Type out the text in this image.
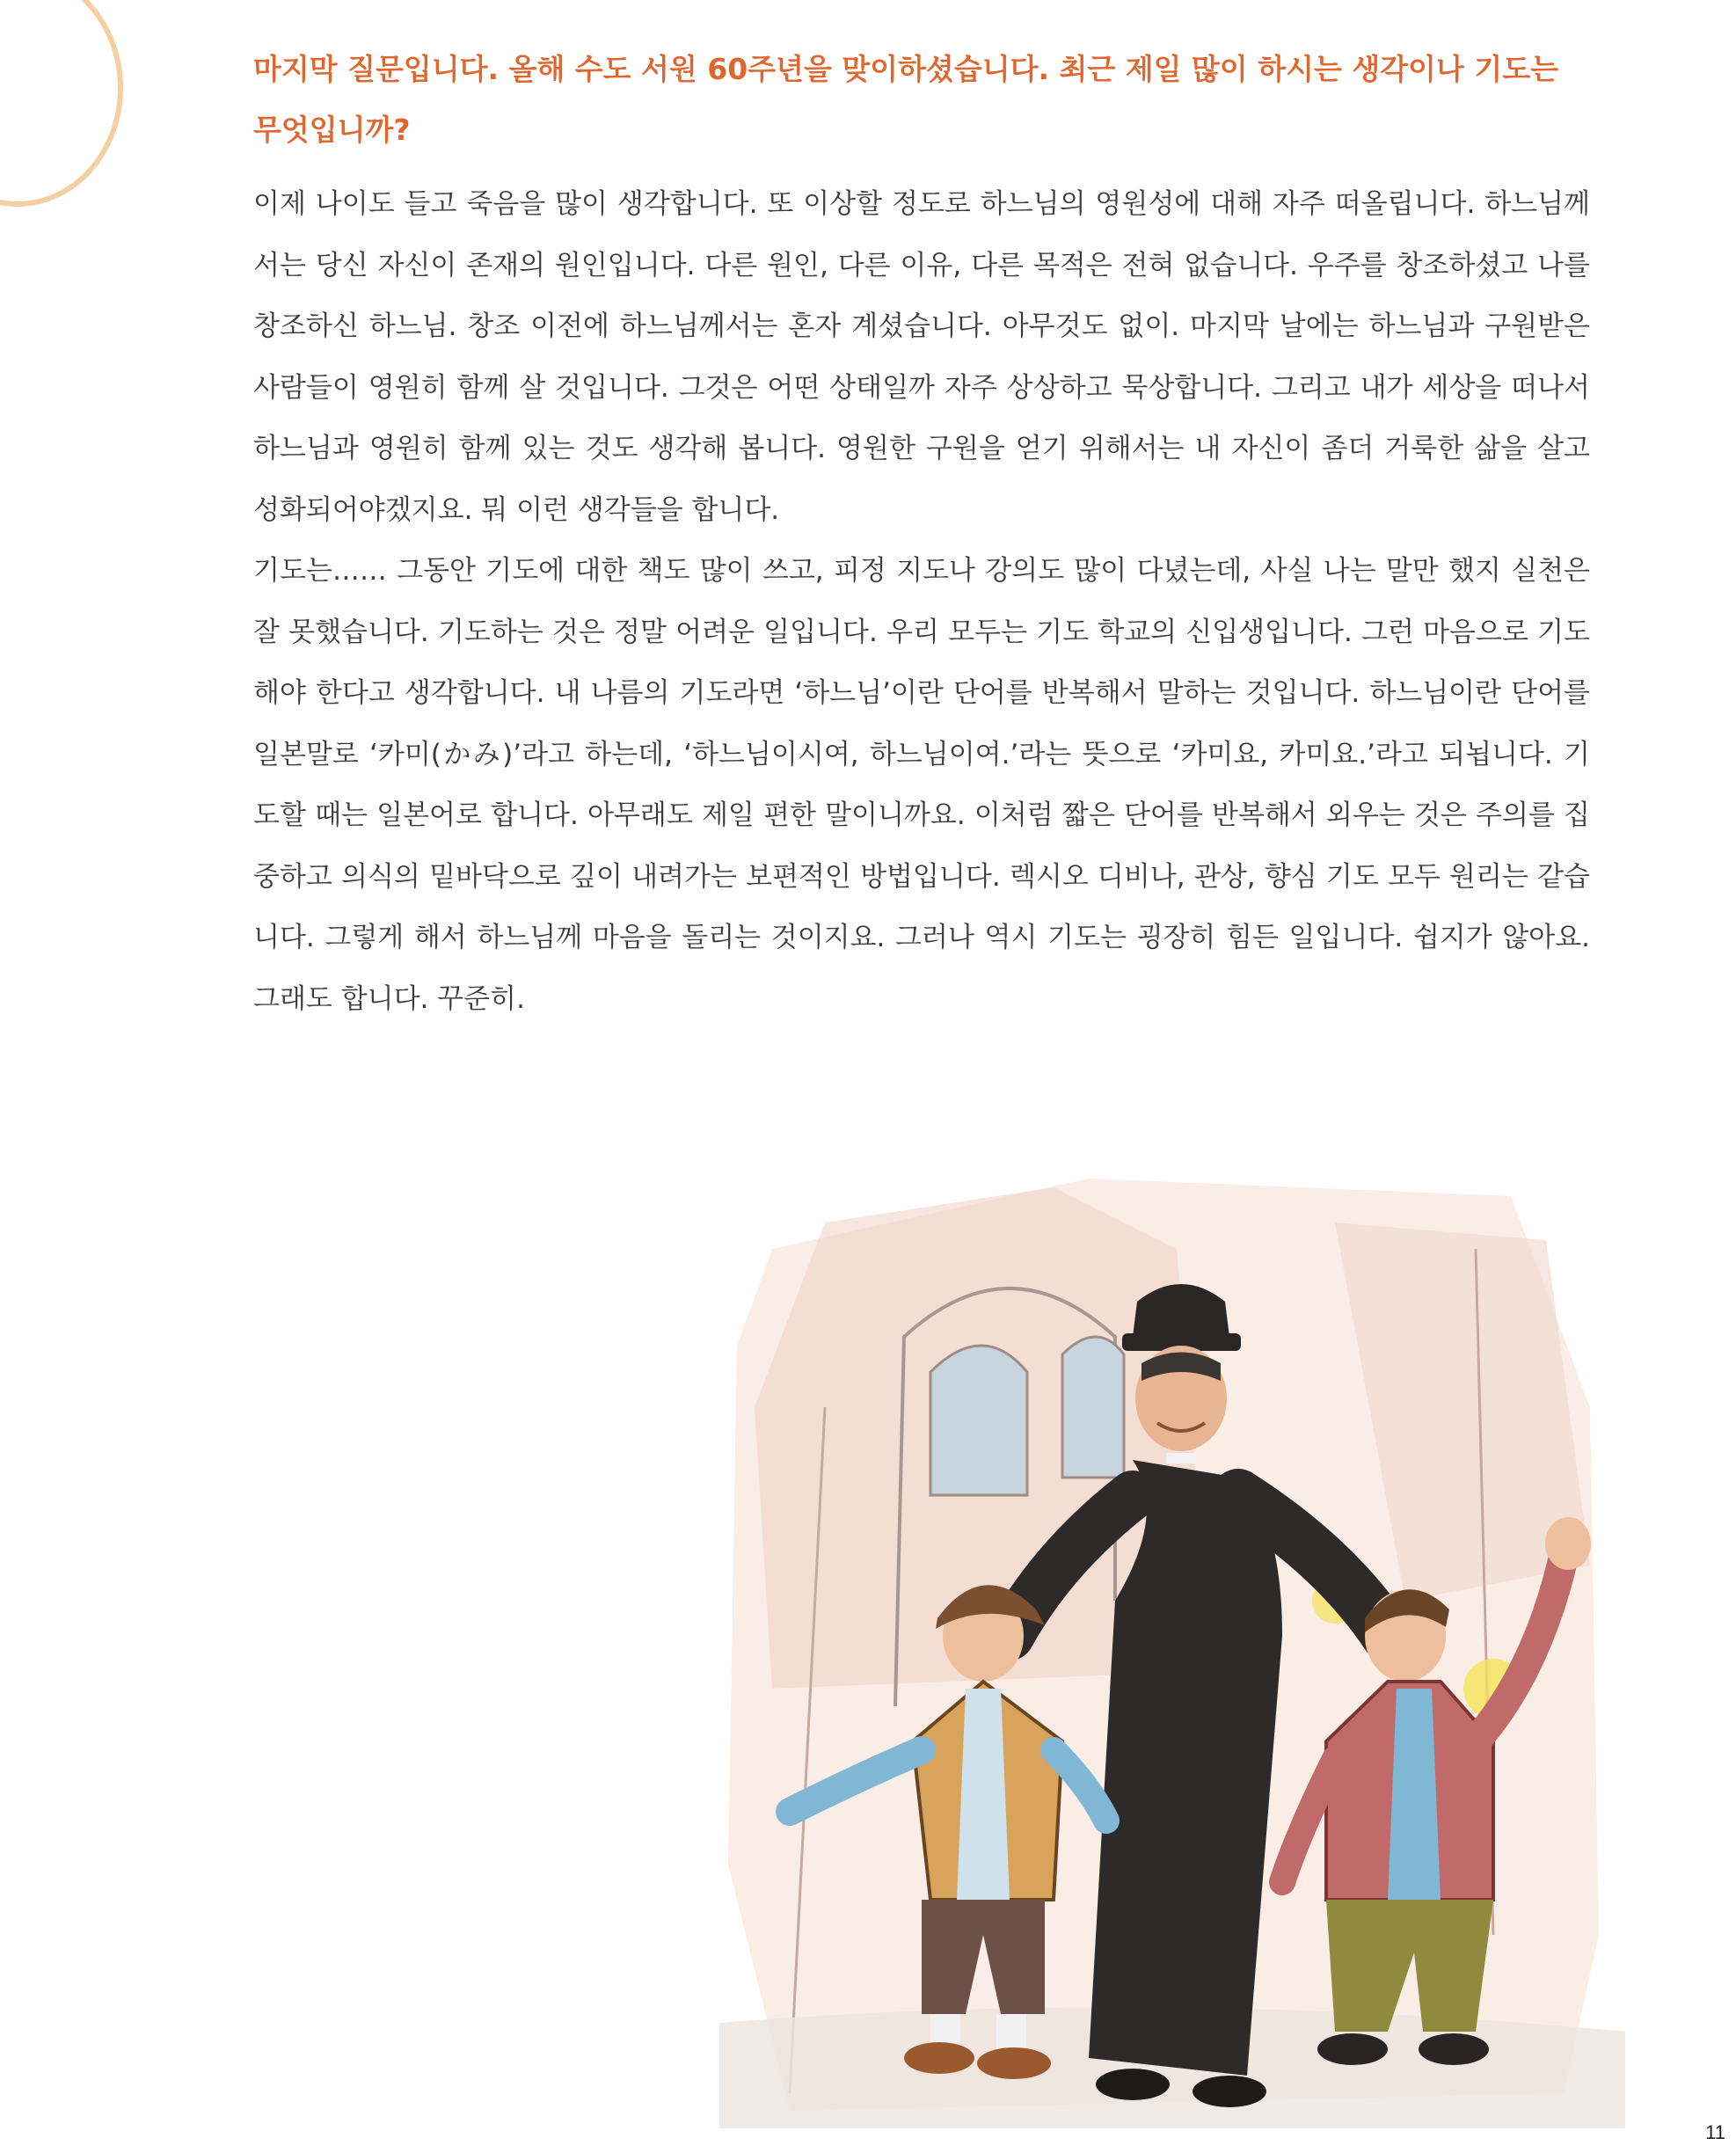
마지막 질문입니다. 올해 수도 서원 60주년을 맞이하셨습니다. 최근 제일 많이 하시는 생각이나 기도는 무엇입니까?

이제 나이도 들고 죽음을 많이 생각합니다. 또 이상할 정도로 하느님의 영원성에 대해 자주 떠올립니다. 하느님께서는 당신 자신이 존재의 원인입니다. 다른 원인, 다른 이유, 다른 목적은 전혀 없습니다. 우주를 창조하셨고 나를 창조하신 하느님. 창조 이전에 하느님께서는 혼자 계셨습니다. 아무것도 없이. 마지막 날에는 하느님과 구원받은 사람들이 영원히 함께 살 것입니다. 그것은 어떤 상태일까 자주 상상하고 묵상합니다. 그리고 내가 세상을 떠나서 하느님과 영원히 함께 있는 것도 생각해 봅니다. 영원한 구원을 얻기 위해서는 내 자신이 좀더 거룩한 삶을 살고 성화되어야겠지요. 뭐 이런 생각들을 합니다.

기도는…… 그동안 기도에 대한 책도 많이 쓰고, 피정 지도나 강의도 많이 다녔는데, 사실 나는 말만 했지 실천은 잘 못했습니다. 기도하는 것은 정말 어려운 일입니다. 우리 모두는 기도 학교의 신입생입니다. 그런 마음으로 기도해야 한다고 생각합니다. 내 나름의 기도라면 ‘하느님’이란 단어를 반복해서 말하는 것입니다. 하느님이란 단어를 일본말로 ‘카미(かみ)’라고 하는데, ‘하느님이시여, 하느님이여.’라는 뜻으로 ‘카미요, 카미요.’라고 되뇝니다. 기도할 때는 일본어로 합니다. 아무래도 제일 편한 말이니까요. 이처럼 짧은 단어를 반복해서 외우는 것은 주의를 집중하고 의식의 밑바닥으로 깊이 내려가는 보편적인 방법입니다. 렉시오 디비나, 관상, 향심 기도 모두 원리는 같습니다. 그렇게 해서 하느님께 마음을 돌리는 것이지요. 그러나 역시 기도는 굉장히 힘든 일입니다. 쉽지가 않아요. 그래도 합니다. 꾸준히.

11
